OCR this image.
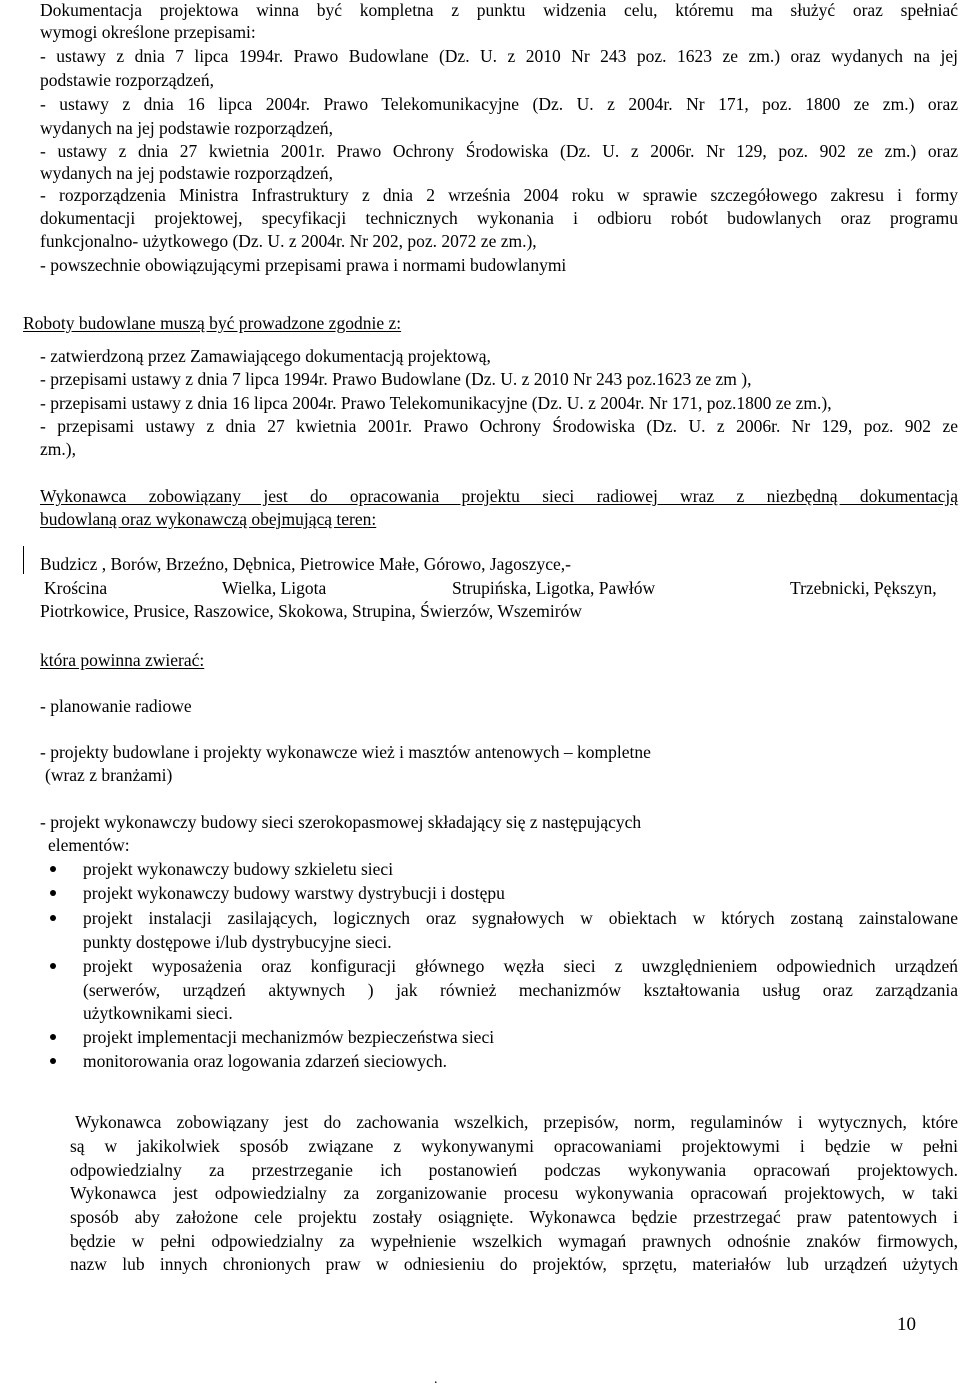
Dokumentacja projektowa winna być kompletna z punktu widzenia celu, któremu ma służyć oraz spełniać
wymogi określone przepisami:
- ustawy z dnia 7 lipca 1994r. Prawo Budowlane (Dz. U. z 2010 Nr 243 poz. 1623 ze zm.) oraz wydanych na jej
podstawie rozporządzeń,
- ustawy z dnia 16 lipca 2004r. Prawo Telekomunikacyjne (Dz. U. z 2004r. Nr 171, poz. 1800 ze zm.) oraz
wydanych na jej podstawie rozporządzeń,
- ustawy z dnia 27 kwietnia 2001r. Prawo Ochrony Środowiska (Dz. U. z 2006r. Nr 129, poz. 902 ze zm.) oraz
wydanych na jej podstawie rozporządzeń,
- rozporządzenia Ministra Infrastruktury z dnia 2 września 2004 roku w sprawie szczegółowego zakresu i formy
dokumentacji projektowej, specyfikacji technicznych wykonania i odbioru robót budowlanych oraz programu
funkcjonalno- użytkowego (Dz. U. z 2004r. Nr 202, poz. 2072 ze zm.),
- powszechnie obowiązującymi przepisami prawa i normami budowlanymi
Roboty budowlane muszą być prowadzone zgodnie z:
- zatwierdzoną przez Zamawiającego dokumentacją projektową,
- przepisami ustawy z dnia 7 lipca 1994r. Prawo Budowlane (Dz. U. z 2010 Nr 243 poz.1623 ze zm ),
- przepisami ustawy z dnia 16 lipca 2004r. Prawo Telekomunikacyjne (Dz. U. z 2004r. Nr 171, poz.1800 ze zm.),
- przepisami ustawy z dnia 27 kwietnia 2001r. Prawo Ochrony Środowiska (Dz. U. z 2006r. Nr 129, poz. 902 ze
zm.),
Wykonawca zobowiązany jest do opracowania projektu sieci radiowej wraz z niezbędną dokumentacją
budowlaną oraz wykonawczą obejmującą teren:
Budzicz , Borów, Brzeźno, Dębnica, Pietrowice Małe, Górowo, Jagoszyce,-
Krościna	Wielka, Ligota	Strupińska, Ligotka, Pawłów	Trzebnicki, Pększyn,
Piotrkowice, Prusice, Raszowice, Skokowa, Strupina, Świerzów, Wszemirów
która powinna zwierać:
- planowanie radiowe
- projekty budowlane i projekty wykonawcze wież i masztów antenowych – kompletne
(wraz z branżami)
- projekt wykonawczy budowy sieci szerokopasmowej składający się z następujących
elementów:
projekt wykonawczy budowy szkieletu sieci
projekt wykonawczy budowy warstwy dystrybucji i dostępu
projekt instalacji zasilających, logicznych oraz sygnałowych w obiektach w których zostaną zainstalowane
punkty dostępowe i/lub dystrybucyjne sieci.
projekt wyposażenia oraz konfiguracji głównego węzła sieci z uwzględnieniem odpowiednich urządzeń
(serwerów, urządzeń aktywnych ) jak również mechanizmów kształtowania usług oraz zarządzania
użytkownikami sieci.
projekt implementacji mechanizmów bezpieczeństwa sieci
monitorowania oraz logowania zdarzeń sieciowych.
Wykonawca zobowiązany jest do zachowania wszelkich, przepisów, norm, regulaminów i wytycznych, które
są w jakikolwiek sposób związane z wykonywanymi opracowaniami projektowymi i będzie w pełni
odpowiedzialny za przestrzeganie ich postanowień podczas wykonywania opracowań projektowych.
Wykonawca jest odpowiedzialny za zorganizowanie procesu wykonywania opracowań projektowych, w taki
sposób aby założone cele projektu zostały osiągnięte. Wykonawca będzie przestrzegać praw patentowych i
będzie w pełni odpowiedzialny za wypełnienie wszelkich wymagań prawnych odnośnie znaków firmowych,
nazw lub innych chronionych praw w odniesieniu do projektów, sprzętu, materiałów lub urządzeń użytych
10
.
